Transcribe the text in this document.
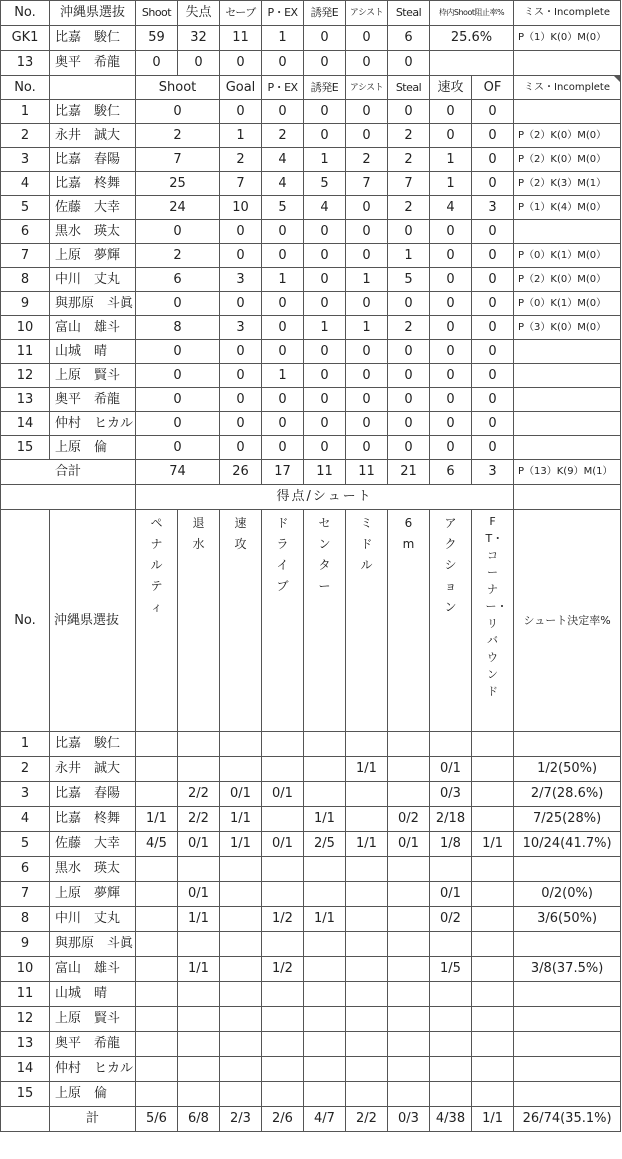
No.	沖縄県選抜	Shoot	失点	セーブ	P・EX	誘発E	アシスト	Steal	枠内Shoot阻止率%		ミス・Incomplete
GK1	比嘉　駿仁	59	32	11	1	0	0	6	25.6%		P（1）K(0）M(0）
13	奥平　希龍	0	0	0	0	0	0	0			
No.		Shoot		Goal	P・EX	誘発E	アシスト	Steal	速攻	OF	ミス・Incomplete
1	比嘉　駿仁	0		0	0	0	0	0	0	0	
2	永井　誠大	2		1	2	0	0	2	0	0	P（2）K(0）M(0）
3	比嘉　春陽	7		2	4	1	2	2	1	0	P（2）K(0）M(0）
4	比嘉　柊舞	25		7	4	5	7	7	1	0	P（2）K(3）M(1）
5	佐藤　大幸	24		10	5	4	0	2	4	3	P（1）K(4）M(0）
6	黒水　瑛太	0		0	0	0	0	0	0	0	
7	上原　夢輝	2		0	0	0	0	1	0	0	P（0）K(1）M(0）
8	中川　丈丸	6		3	1	0	1	5	0	0	P（2）K(0）M(0）
9	與那原　斗眞	0		0	0	0	0	0	0	0	P（0）K(1）M(0）
10	富山　雄斗	8		3	0	1	1	2	0	0	P（3）K(0）M(0）
11	山城　晴	0		0	0	0	0	0	0	0	
12	上原　賢斗	0		0	1	0	0	0	0	0	
13	奥平　希龍	0		0	0	0	0	0	0	0	
14	仲村　ヒカル	0		0	0	0	0	0	0	0	
15	上原　倫	0		0	0	0	0	0	0	0	
合計		74		26	17	11	11	21	6	3	P（13）K(9）M(1）
		得点/シュート									
No.	沖縄県選抜	ペナルティ	退水	速攻	ドライブ	センター	ミドル	6m	アクション	FT・コーナー・リバウンド	シュート決定率%
1	比嘉　駿仁										
2	永井　誠大						1/1		0/1		1/2(50%)
3	比嘉　春陽		2/2	0/1	0/1				0/3		2/7(28.6%)
4	比嘉　柊舞	1/1	2/2	1/1		1/1		0/2	2/18		7/25(28%)
5	佐藤　大幸	4/5	0/1	1/1	0/1	2/5	1/1	0/1	1/8	1/1	10/24(41.7%)
6	黒水　瑛太										
7	上原　夢輝		0/1						0/1		0/2(0%)
8	中川　丈丸		1/1		1/2	1/1			0/2		3/6(50%)
9	與那原　斗眞										
10	富山　雄斗		1/1		1/2				1/5		3/8(37.5%)
11	山城　晴										
12	上原　賢斗										
13	奥平　希龍										
14	仲村　ヒカル										
15	上原　倫										
	計	5/6	6/8	2/3	2/6	4/7	2/2	0/3	4/38	1/1	26/74(35.1%)
